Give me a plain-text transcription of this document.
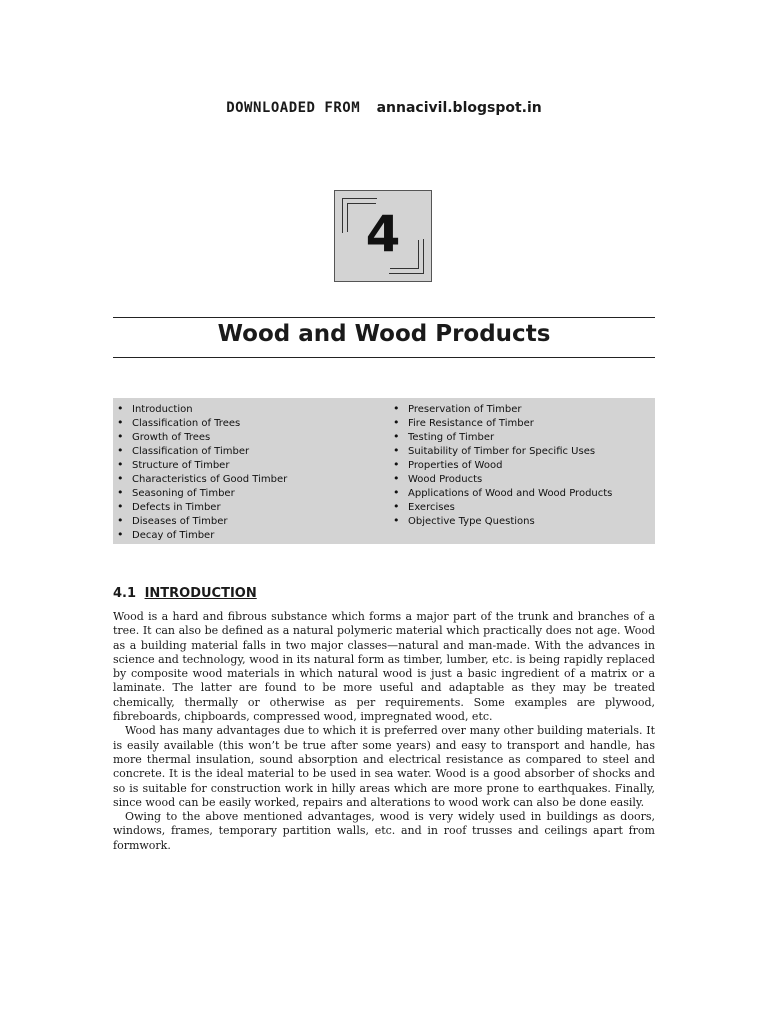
DOWNLOADED FROM annacivil.blogspot.in
4
Wood and Wood Products
• Introduction
• Classification of Trees
• Growth of Trees
• Classification of Timber
• Structure of Timber
• Characteristics of Good Timber
• Seasoning of Timber
• Defects in Timber
• Diseases of Timber
• Decay of Timber
• Preservation of Timber
• Fire Resistance of Timber
• Testing of Timber
• Suitability of Timber for Specific Uses
• Properties of Wood
• Wood Products
• Applications of Wood and Wood Products
• Exercises
• Objective Type Questions
4.1 INTRODUCTION

Wood is a hard and fibrous substance which forms a major part of the trunk and branches of a tree. It can also be defined as a natural polymeric material which practically does not age. Wood as a building material falls in two major classes—natural and man-made. With the advances in science and technology, wood in its natural form as timber, lumber, etc. is being rapidly replaced by composite wood materials in which natural wood is just a basic ingredient of a matrix or a laminate. The latter are found to be more useful and adaptable as they may be treated chemically, thermally or otherwise as per requirements. Some examples are plywood, fibreboards, chipboards, compressed wood, impregnated wood, etc.

Wood has many advantages due to which it is preferred over many other building materials. It is easily available (this won’t be true after some years) and easy to transport and handle, has more thermal insulation, sound absorption and electrical resistance as compared to steel and concrete. It is the ideal material to be used in sea water. Wood is a good absorber of shocks and so is suitable for construction work in hilly areas which are more prone to earthquakes. Finally, since wood can be easily worked, repairs and alterations to wood work can also be done easily.

Owing to the above mentioned advantages, wood is very widely used in buildings as doors, windows, frames, temporary partition walls, etc. and in roof trusses and ceilings apart from formwork.
